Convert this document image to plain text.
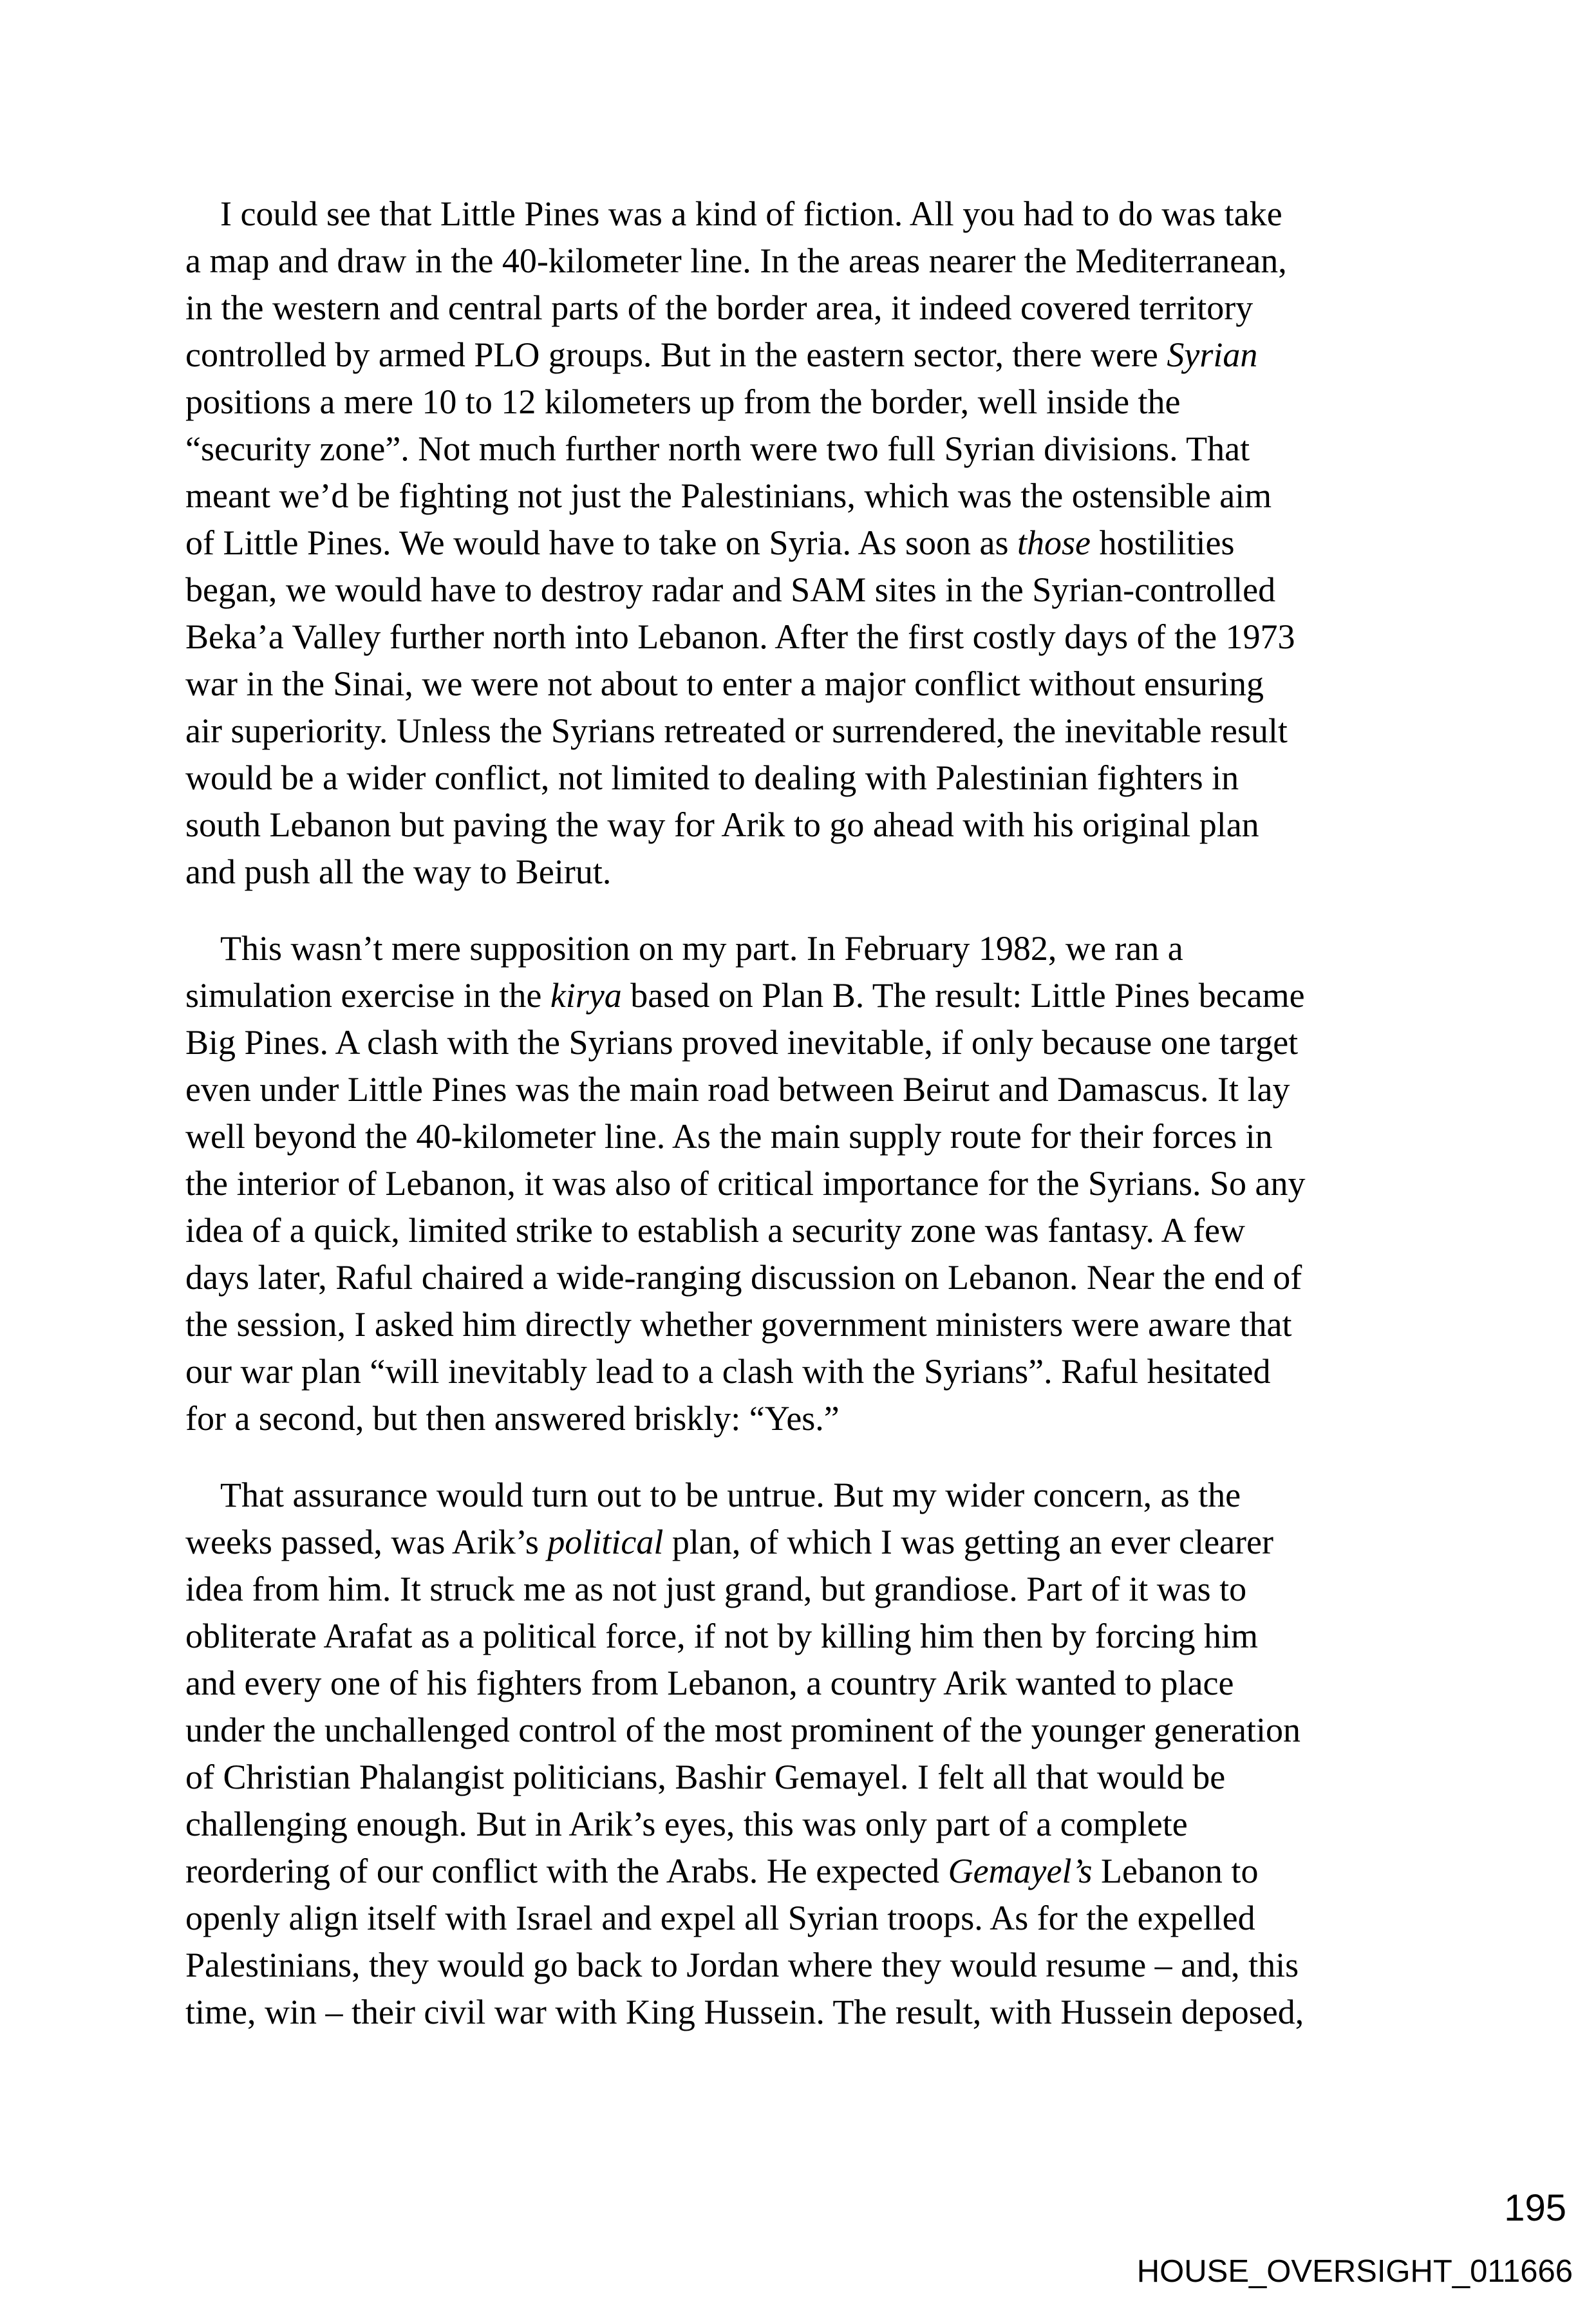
I could see that Little Pines was a kind of fiction. All you had to do was take
a map and draw in the 40-kilometer line. In the areas nearer the Mediterranean,
in the western and central parts of the border area, it indeed covered territory
controlled by armed PLO groups. But in the eastern sector, there were Syrian
positions a mere 10 to 12 kilometers up from the border, well inside the
“security zone”. Not much further north were two full Syrian divisions. That
meant we’d be fighting not just the Palestinians, which was the ostensible aim
of Little Pines. We would have to take on Syria. As soon as those hostilities
began, we would have to destroy radar and SAM sites in the Syrian-controlled
Beka’a Valley further north into Lebanon. After the first costly days of the 1973
war in the Sinai, we were not about to enter a major conflict without ensuring
air superiority. Unless the Syrians retreated or surrendered, the inevitable result
would be a wider conflict, not limited to dealing with Palestinian fighters in
south Lebanon but paving the way for Arik to go ahead with his original plan
and push all the way to Beirut.
This wasn’t mere supposition on my part. In February 1982, we ran a
simulation exercise in the kirya based on Plan B. The result: Little Pines became
Big Pines. A clash with the Syrians proved inevitable, if only because one target
even under Little Pines was the main road between Beirut and Damascus. It lay
well beyond the 40-kilometer line. As the main supply route for their forces in
the interior of Lebanon, it was also of critical importance for the Syrians. So any
idea of a quick, limited strike to establish a security zone was fantasy. A few
days later, Raful chaired a wide-ranging discussion on Lebanon. Near the end of
the session, I asked him directly whether government ministers were aware that
our war plan “will inevitably lead to a clash with the Syrians”. Raful hesitated
for a second, but then answered briskly: “Yes.”
That assurance would turn out to be untrue. But my wider concern, as the
weeks passed, was Arik’s political plan, of which I was getting an ever clearer
idea from him. It struck me as not just grand, but grandiose. Part of it was to
obliterate Arafat as a political force, if not by killing him then by forcing him
and every one of his fighters from Lebanon, a country Arik wanted to place
under the unchallenged control of the most prominent of the younger generation
of Christian Phalangist politicians, Bashir Gemayel. I felt all that would be
challenging enough. But in Arik’s eyes, this was only part of a complete
reordering of our conflict with the Arabs. He expected Gemayel’s Lebanon to
openly align itself with Israel and expel all Syrian troops. As for the expelled
Palestinians, they would go back to Jordan where they would resume – and, this
time, win – their civil war with King Hussein. The result, with Hussein deposed,
195
HOUSE_OVERSIGHT_011666
